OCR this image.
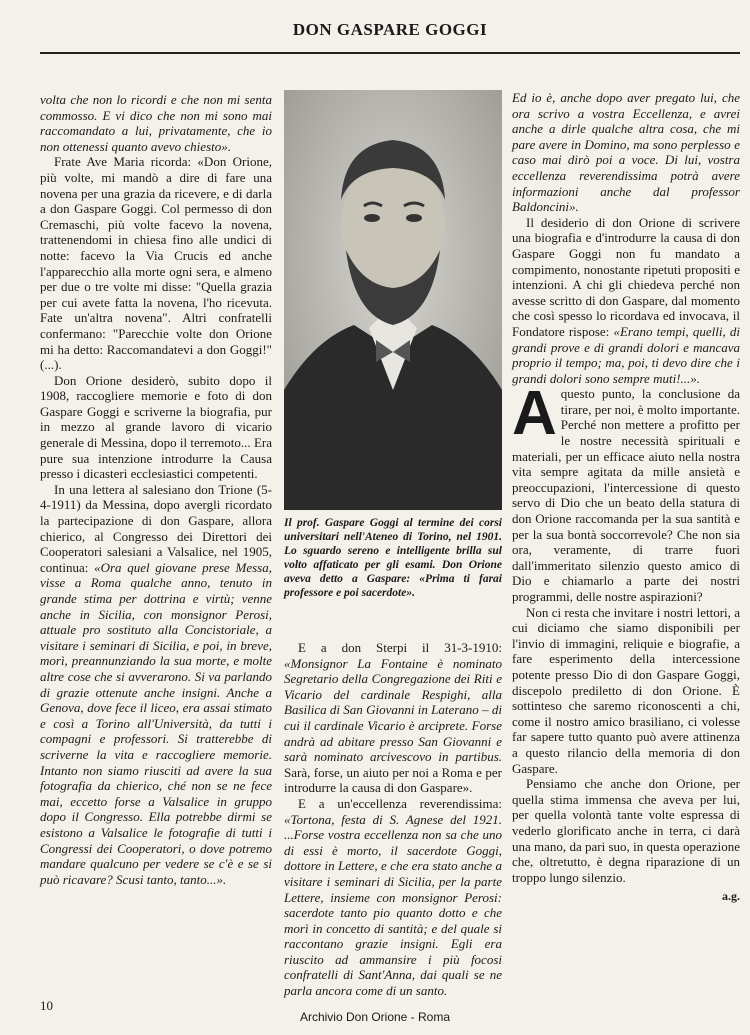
DON GASPARE GOGGI

volta che non lo ricordi e che non mi senta commosso. E vi dico che non mi sono mai raccomandato a lui, privatamente, che io non ottenessi quanto avevo chiesto».

Frate Ave Maria ricorda: «Don Orione, più volte, mi mandò a dire di fare una novena per una grazia da ricevere, e di darla a don Gaspare Goggi. Col permesso di don Cremaschi, più volte facevo la novena, trattenendomi in chiesa fino alle undici di notte: facevo la Via Crucis ed anche l'apparecchio alla morte ogni sera, e almeno per due o tre volte mi disse: "Quella grazia per cui avete fatta la novena, l'ho ricevuta. Fate un'altra novena". Altri confratelli confermano: "Parecchie volte don Orione mi ha detto: Raccomandatevi a don Goggi!" (...).

Don Orione desiderò, subito dopo il 1908, raccogliere memorie e foto di don Gaspare Goggi e scriverne la biografia, pur in mezzo al grande lavoro di vicario generale di Messina, dopo il terremoto... Era pure sua intenzione introdurre la Causa presso i dicasteri ecclesiastici competenti.

In una lettera al salesiano don Trione (5-4-1911) da Messina, dopo avergli ricordato la partecipazione di don Gaspare, allora chierico, al Congresso dei Direttori dei Cooperatori salesiani a Valsalice, nel 1905, continua: «Ora quel giovane prese Messa, visse a Roma qualche anno, tenuto in grande stima per dottrina e virtù; venne anche in Sicilia, con monsignor Perosi, attuale pro sostituto alla Concistoriale, a visitare i seminari di Sicilia, e poi, in breve, morì, preannunziando la sua morte, e molte altre cose che si avverarono. Si va parlando di grazie ottenute anche insigni. Anche a Genova, dove fece il liceo, era assai stimato e così a Torino all'Università, da tutti i compagni e professori. Si tratterebbe di scriverne la vita e raccogliere memorie. Intanto non siamo riusciti ad avere la sua fotografia da chierico, ché non se ne fece mai, eccetto forse a Valsalice in gruppo dopo il Congresso. Ella potrebbe dirmi se esistono a Valsalice le fotografie di tutti i Congressi dei Cooperatori, o dove potremo mandare qualcuno per vedere se c'è e se si può ricavare? Scusi tanto, tanto...».

Il prof. Gaspare Goggi al termine dei corsi universitari nell'Ateneo di Torino, nel 1901. Lo sguardo sereno e intelligente brilla sul volto affaticato per gli esami. Don Orione aveva detto a Gaspare: «Prima ti farai professore e poi sacerdote».

E a don Sterpi il 31-3-1910: «Monsignor La Fontaine è nominato Segretario della Congregazione dei Riti e Vicario del cardinale Respighi, alla Basilica di San Giovanni in Laterano – di cui il cardinale Vicario è arciprete. Forse andrà ad abitare presso San Giovanni e sarà nominato arcivescovo in partibus. Sarà, forse, un aiuto per noi a Roma e per introdurre la causa di don Gaspare».

E a un'eccellenza reverendissima: «Tortona, festa di S. Agnese del 1921. ...Forse vostra eccellenza non sa che uno di essi è morto, il sacerdote Goggi, dottore in Lettere, e che era stato anche a visitare i seminari di Sicilia, per la parte Lettere, insieme con monsignor Perosi: sacerdote tanto pio quanto dotto e che morì in concetto di santità; e del quale si raccontano grazie insigni. Egli era riuscito ad ammansire i più focosi confratelli di Sant'Anna, dai quali se ne parla ancora come di un santo.

Ed io è, anche dopo aver pregato lui, che ora scrivo a vostra Eccellenza, e avrei anche a dirle qualche altra cosa, che mi pare avere in Domino, ma sono perplesso e caso mai dirò poi a voce. Di lui, vostra eccellenza reverendissima potrà avere informazioni anche dal professor Baldoncini».

Il desiderio di don Orione di scrivere una biografia e d'introdurre la causa di don Gaspare Goggi non fu mandato a compimento, nonostante ripetuti propositi e intenzioni. A chi gli chiedeva perché non avesse scritto di don Gaspare, dal momento che così spesso lo ricordava ed invocava, il Fondatore rispose: «Erano tempi, quelli, di grandi prove e di grandi dolori e mancava proprio il tempo; ma, poi, ti devo dire che i grandi dolori sono sempre muti!...».

Aquesto punto, la conclusione da tirare, per noi, è molto importante. Perché non mettere a profitto per le nostre necessità spirituali e materiali, per un efficace aiuto nella nostra vita sempre agitata da mille ansietà e preoccupazioni, l'intercessione di questo servo di Dio che un beato della statura di don Orione raccomanda per la sua santità e per la sua bontà soccorrevole? Che non sia ora, veramente, di trarre fuori dall'immeritato silenzio questo amico di Dio e chiamarlo a parte dei nostri programmi, delle nostre aspirazioni?

Non ci resta che invitare i nostri lettori, a cui diciamo che siamo disponibili per l'invio di immagini, reliquie e biografie, a fare esperimento della intercessione potente presso Dio di don Gaspare Goggi, discepolo prediletto di don Orione. È sottinteso che saremo riconoscenti a chi, come il nostro amico brasiliano, ci volesse far sapere tutto quanto può avere attinenza a questo rilancio della memoria di don Gaspare.

Pensiamo che anche don Orione, per quella stima immensa che aveva per lui, per quella volontà tante volte espressa di vederlo glorificato anche in terra, ci darà una mano, da pari suo, in questa operazione che, oltretutto, è degna riparazione di un troppo lungo silenzio.

a.g.
10
Archivio Don Orione - Roma
